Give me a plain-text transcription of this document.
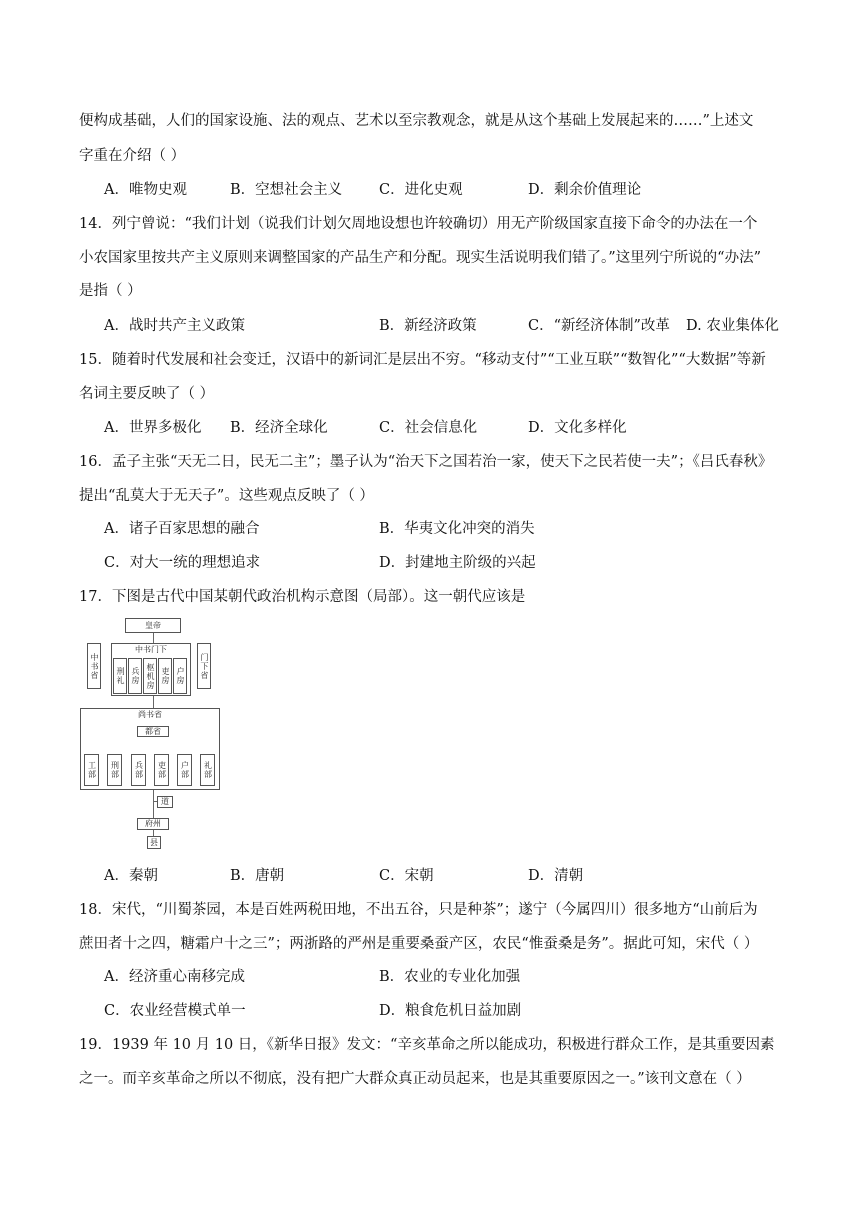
便构成基础，人们的国家设施、法的观点、艺术以至宗教观念，就是从这个基础上发展起来的……”上述文
字重在介绍（ ）
A．唯物史观	B．空想社会主义	C．进化史观	D．剩余价值理论
14．列宁曾说：“我们计划（说我们计划欠周地设想也许较确切）用无产阶级国家直接下命令的办法在一个
小农国家里按共产主义原则来调整国家的产品生产和分配。现实生活说明我们错了。”这里列宁所说的“办法”
是指（ ）
A．战时共产主义政策	B．新经济政策	C．“新经济体制”改革 D. 农业集体化
15．随着时代发展和社会变迁，汉语中的新词汇是层出不穷。“移动支付”“工业互联”“数智化”“大数据”等新
名词主要反映了（ ）
A．世界多极化 B．经济全球化	C．社会信息化	D．文化多样化
16．孟子主张“天无二日，民无二主”；墨子认为“治天下之国若治一家，使天下之民若使一夫”；《吕氏春秋》
提出“乱莫大于无天子”。这些观点反映了（ ）
A．诸子百家思想的融合	B．华夷文化冲突的消失
C．对大一统的理想追求	D．封建地主阶级的兴起
17．下图是古代中国某朝代政治机构示意图（局部）。这一朝代应该是
皇帝
中书省	门下省
中书门下
刑礼 兵房 枢机房 吏房 户房
尚书省
都省
工部	刑部	兵部	吏部	户部	礼部
道
府州
县
A．秦朝	B．唐朝	C．宋朝	D．清朝
18．宋代，“川蜀茶园，本是百姓两税田地，不出五谷，只是种茶”；遂宁（今属四川）很多地方“山前后为
蔗田者十之四，糖霜户十之三”；两浙路的严州是重要桑蚕产区，农民“惟蚕桑是务”。据此可知，宋代（ ）
A．经济重心南移完成	B．农业的专业化加强
C．农业经营模式单一	D．粮食危机日益加剧
19．1939 年 10 月 10 日，《新华日报》发文：“辛亥革命之所以能成功，积极进行群众工作，是其重要因素
之一。而辛亥革命之所以不彻底，没有把广大群众真正动员起来，也是其重要原因之一。”该刊文意在（ ）
